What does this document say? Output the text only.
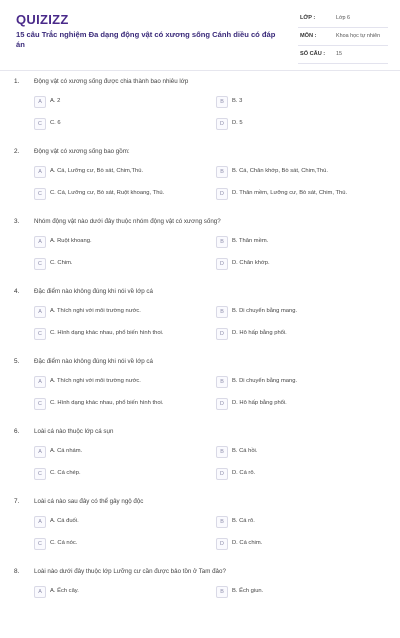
QUIZIZZ
15 câu Trắc nghiệm Đa dạng động vật có xương sống Cánh diều có đáp án
LỚP :	Lớp 6
MÔN :	Khoa học tự nhiên
SỐ CÂU : 15
1. Động vật có xương sống được chia thành bao nhiêu lớp
A	A. 2	B	B. 3
C	C. 6	D	D. 5
2. Động vật có xương sống bao gồm:
A	A. Cá, Lưỡng cư, Bò sát, Chim,Thú.	B	B. Cá, Chân khớp, Bò sát, Chim,Thú.
C	C. Cá, Lưỡng cư, Bò sát, Ruột khoang, Thú.	D	D. Thân mềm, Lưỡng cư, Bò sát, Chim, Thú.
3. Nhóm động vật nào dưới đây thuộc nhóm động vật có xương sống?
A	A. Ruột khoang.	B	B. Thân mềm.
C	C. Chim.	D	D. Chân khớp.
4. Đặc điểm nào không đúng khi nói về lớp cá
A	A. Thích nghi với môi trường nước.	B	B. Di chuyển bằng mang.
C	C. Hình dạng khác nhau, phổ biến hình thoi.	D	D. Hô hấp bằng phổi.
5. Đặc điểm nào không đúng khi nói về lớp cá
A	A. Thích nghi với môi trường nước.	B	B. Di chuyển bằng mang.
C	C. Hình dạng khác nhau, phổ biến hình thoi.	D	D. Hô hấp bằng phổi.
6. Loài cá nào thuộc lớp cá sụn
A	A. Cá nhám.	B	B. Cá hồi.
C	C. Cá chép.	D	D. Cá rô.
7. Loài cá nào sau đây có thể gây ngộ độc
A	A. Cá đuối.	B	B. Cá rô.
C	C. Cá nóc.	D	D. Cá chim.
8. Loài nào dưới đây thuộc lớp Lưỡng cư cần được bảo tồn ở Tam đảo?
A	A. Ếch cây.	B	B. Ếch giun.
